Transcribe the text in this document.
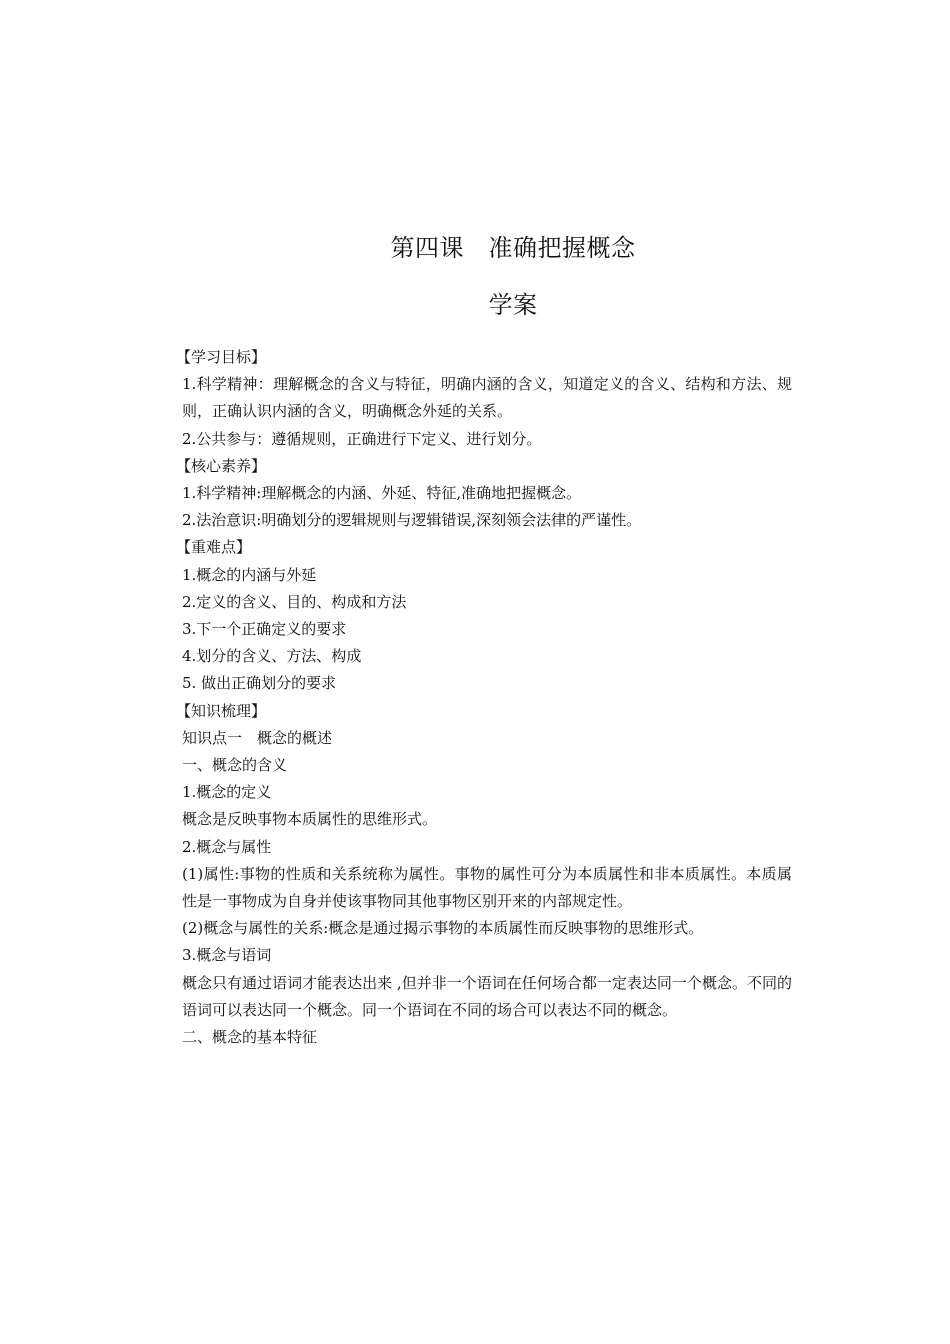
第四课　准确把握概念
学案

【学习目标】

1.科学精神：理解概念的含义与特征，明确内涵的含义，知道定义的含义、结构和方法、规则，正确认识内涵的含义，明确概念外延的关系。

2.公共参与：遵循规则，正确进行下定义、进行划分。

【核心素养】

1.科学精神:理解概念的内涵、外延、特征,准确地把握概念。

2.法治意识:明确划分的逻辑规则与逻辑错误,深刻领会法律的严谨性。

【重难点】

1.概念的内涵与外延

2.定义的含义、目的、构成和方法

3.下一个正确定义的要求

4.划分的含义、方法、构成

5. 做出正确划分的要求

【知识梳理】

知识点一　概念的概述

一、概念的含义

1.概念的定义

概念是反映事物本质属性的思维形式。

2.概念与属性

(1)属性:事物的性质和关系统称为属性。事物的属性可分为本质属性和非本质属性。本质属性是一事物成为自身并使该事物同其他事物区别开来的内部规定性。

(2)概念与属性的关系:概念是通过揭示事物的本质属性而反映事物的思维形式。

3.概念与语词

概念只有通过语词才能表达出来 ,但并非一个语词在任何场合都一定表达同一个概念。不同的语词可以表达同一个概念。同一个语词在不同的场合可以表达不同的概念。

二、概念的基本特征
